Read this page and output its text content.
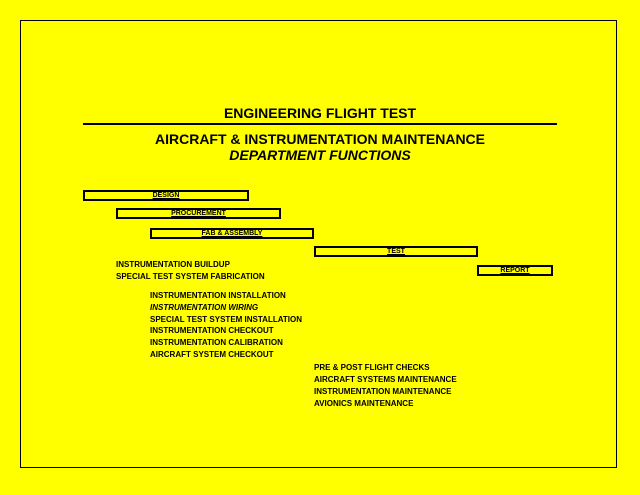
ENGINEERING FLIGHT TEST
AIRCRAFT & INSTRUMENTATION MAINTENANCE
DEPARTMENT FUNCTIONS
DESIGN
PROCUREMENT
FAB & ASSEMBLY
TEST
REPORT
INSTRUMENTATION BUILDUP
SPECIAL TEST SYSTEM FABRICATION
INSTRUMENTATION INSTALLATION
INSTRUMENTATION WIRING
SPECIAL TEST SYSTEM INSTALLATION
INSTRUMENTATION CHECKOUT
INSTRUMENTATION CALIBRATION
AIRCRAFT SYSTEM CHECKOUT
PRE & POST FLIGHT CHECKS
AIRCRAFT SYSTEMS MAINTENANCE
INSTRUMENTATION MAINTENANCE
AVIONICS MAINTENANCE
